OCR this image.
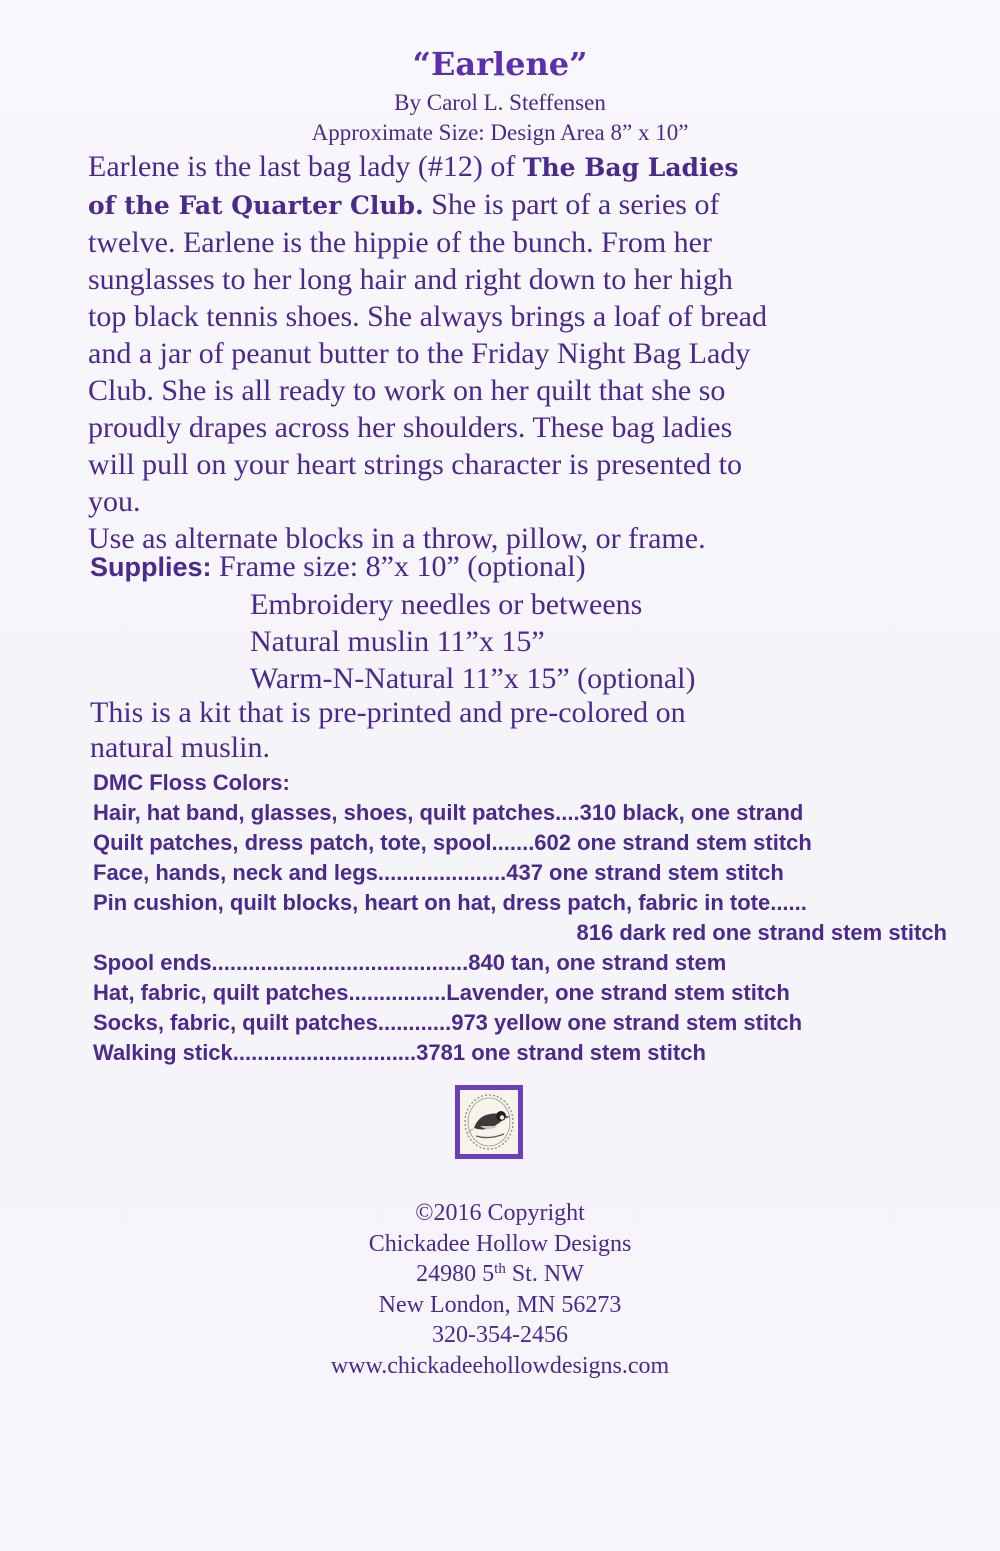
“Earlene”
By Carol L. Steffensen
Approximate Size: Design Area 8” x 10”
Earlene is the last bag lady (#12) of The Bag Ladies
of the Fat Quarter Club. She is part of a series of
twelve. Earlene is the hippie of the bunch. From her
sunglasses to her long hair and right down to her high
top black tennis shoes. She always brings a loaf of bread
and a jar of peanut butter to the Friday Night Bag Lady
Club. She is all ready to work on her quilt that she so
proudly drapes across her shoulders. These bag ladies
will pull on your heart strings character is presented to
you.
Use as alternate blocks in a throw, pillow, or frame.
Supplies: Frame size: 8”x 10” (optional)
Embroidery needles or betweens
Natural muslin 11”x 15”
Warm-N-Natural 11”x 15” (optional)
This is a kit that is pre-printed and pre-colored on
natural muslin.
DMC Floss Colors:
Hair, hat band, glasses, shoes, quilt patches....310 black, one strand
Quilt patches, dress patch, tote, spool.......602 one strand stem stitch
Face, hands, neck and legs.....................437 one strand stem stitch
Pin cushion, quilt blocks, heart on hat, dress patch, fabric in tote......
816 dark red one strand stem stitch
Spool ends..........................................840 tan, one strand stem
Hat, fabric, quilt patches................Lavender, one strand stem stitch
Socks, fabric, quilt patches............973 yellow one strand stem stitch
Walking stick..............................3781 one strand stem stitch
©2016 Copyright
Chickadee Hollow Designs
24980 5th St. NW
New London, MN 56273
320-354-2456
www.chickadeehollowdesigns.com
